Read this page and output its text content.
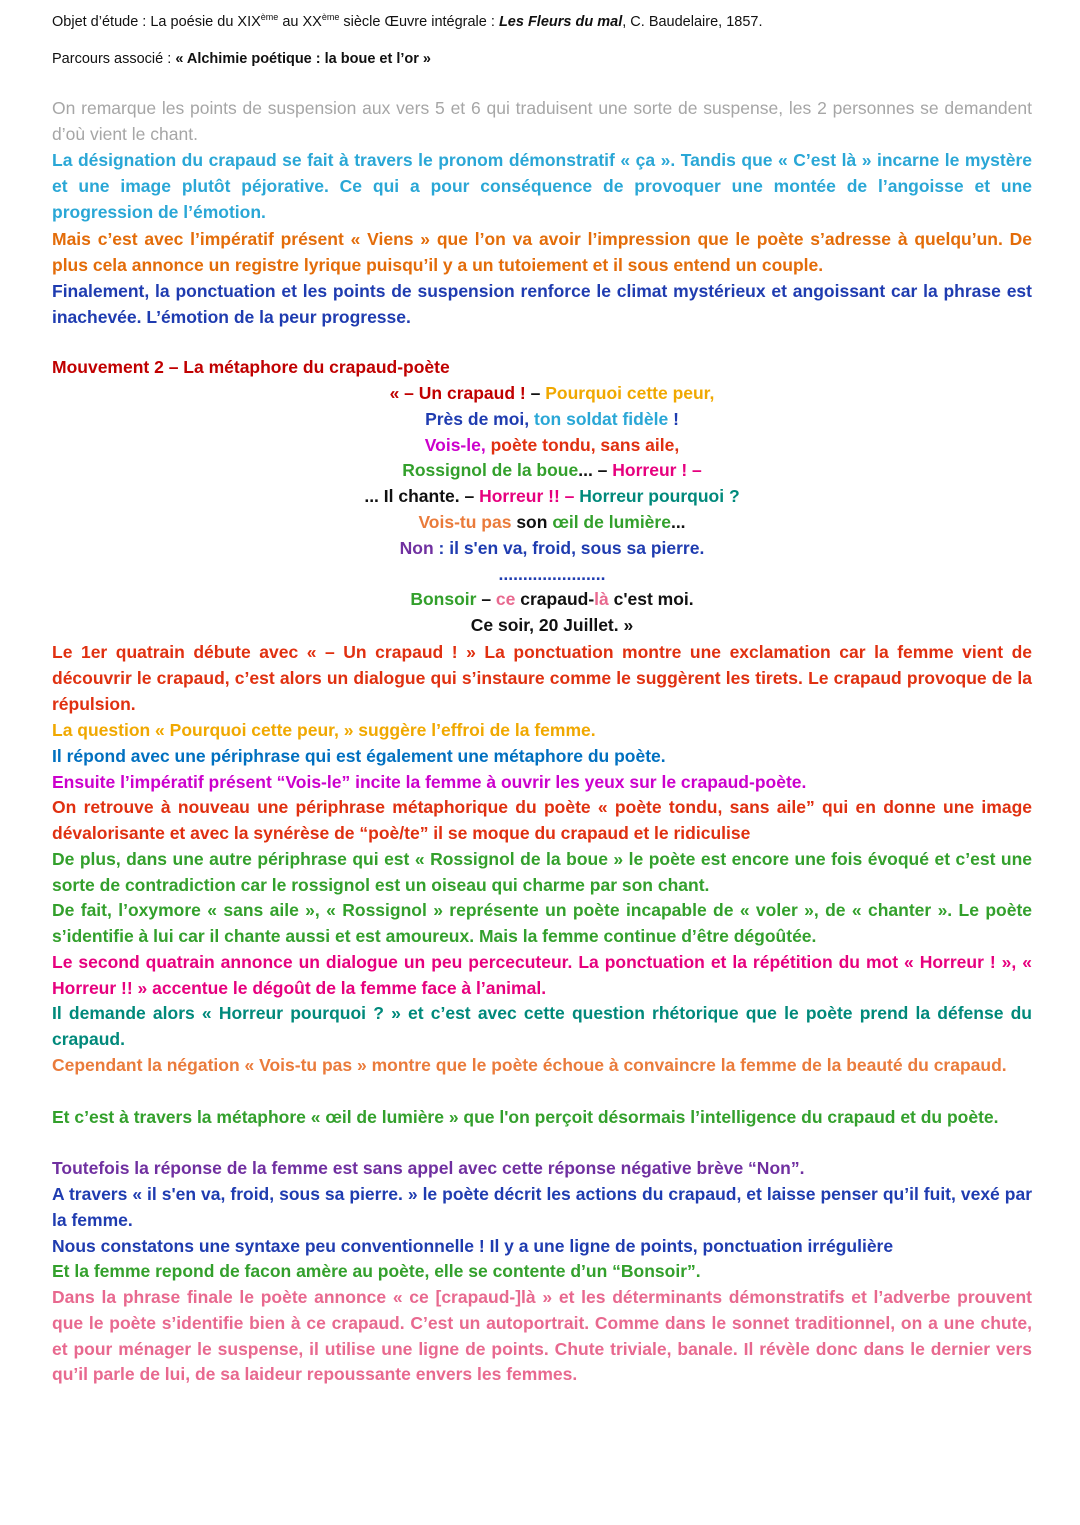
Objet d’étude : La poésie du XIXème au XXème siècle Œuvre intégrale : Les Fleurs du mal, C. Baudelaire, 1857.
Parcours associé : « Alchimie poétique : la boue et l’or »
On remarque les points de suspension aux vers 5 et 6 qui traduisent une sorte de suspense, les 2 personnes se demandent d’où vient le chant.
La désignation du crapaud se fait à travers le pronom démonstratif « ça ». Tandis que « C’est là » incarne le mystère et une image plutôt péjorative. Ce qui a pour conséquence de provoquer une montée de l’angoisse et une progression de l’émotion.
Mais c’est avec l’impératif présent « Viens » que l’on va avoir l’impression que le poète s’adresse à quelqu’un. De plus cela annonce un registre lyrique puisqu’il y a un tutoiement et il sous entend un couple.
Finalement, la ponctuation et les points de suspension renforce le climat mystérieux et angoissant car la phrase est inachevée. L’émotion de la peur progresse.
Mouvement 2 – La métaphore du crapaud-poète
« – Un crapaud ! – Pourquoi cette peur,
Près de moi, ton soldat fidèle !
Vois-le, poète tondu, sans aile,
Rossignol de la boue... – Horreur ! –
... Il chante. – Horreur !! – Horreur pourquoi ?
Vois-tu pas son œil de lumière...
Non : il s'en va, froid, sous sa pierre.
......................
Bonsoir – ce crapaud-là c'est moi.
Ce soir, 20 Juillet. »
Le 1er quatrain débute avec « – Un crapaud ! » La ponctuation montre une exclamation car la femme vient de découvrir le crapaud, c’est alors un dialogue qui s’instaure comme le suggèrent les tirets. Le crapaud provoque de la répulsion.
La question « Pourquoi cette peur, » suggère l’effroi de la femme.
Il répond avec une périphrase qui est également une métaphore du poète.
Ensuite l’impératif présent “Vois-le” incite la femme à ouvrir les yeux sur le crapaud-poète.
On retrouve à nouveau une périphrase métaphorique du poète « poète tondu, sans aile” qui en donne une image dévalorisante et avec la synérèse de “poè/te” il se moque du crapaud et le ridiculise
De plus, dans une autre périphrase qui est « Rossignol de la boue » le poète est encore une fois évoqué et c’est une sorte de contradiction car le rossignol est un oiseau qui charme par son chant.
De fait, l’oxymore « sans aile », « Rossignol » représente un poète incapable de « voler », de « chanter ». Le poète s’identifie à lui car il chante aussi et est amoureux. Mais la femme continue d’être dégoûtée.
Le second quatrain annonce un dialogue un peu percecuteur. La ponctuation et la répétition du mot « Horreur ! », « Horreur !! » accentue le dégoût de la femme face à l’animal.
Il demande alors « Horreur pourquoi ? » et c’est avec cette question rhétorique que le poète prend la défense du crapaud.
Cependant la négation « Vois-tu pas » montre que le poète échoue à convaincre la femme de la beauté du crapaud.
Et c’est à travers la métaphore « œil de lumière » que l'on perçoit désormais l’intelligence du crapaud et du poète.
Toutefois la réponse de la femme est sans appel avec cette réponse négative brève “Non”.
A travers « il s'en va, froid, sous sa pierre. » le poète décrit les actions du crapaud, et laisse penser qu’il fuit, vexé par la femme.
Nous constatons une syntaxe peu conventionnelle ! Il y a une ligne de points, ponctuation irrégulière
Et la femme repond de facon amère au poète, elle se contente d’un “Bonsoir”.
Dans la phrase finale le poète annonce « ce [crapaud-]là » et les déterminants démonstratifs et l’adverbe prouvent que le poète s’identifie bien à ce crapaud. C’est un autoportrait. Comme dans le sonnet traditionnel, on a une chute, et pour ménager le suspense, il utilise une ligne de points. Chute triviale, banale. Il révèle donc dans le dernier vers qu’il parle de lui, de sa laideur repoussante envers les femmes.
